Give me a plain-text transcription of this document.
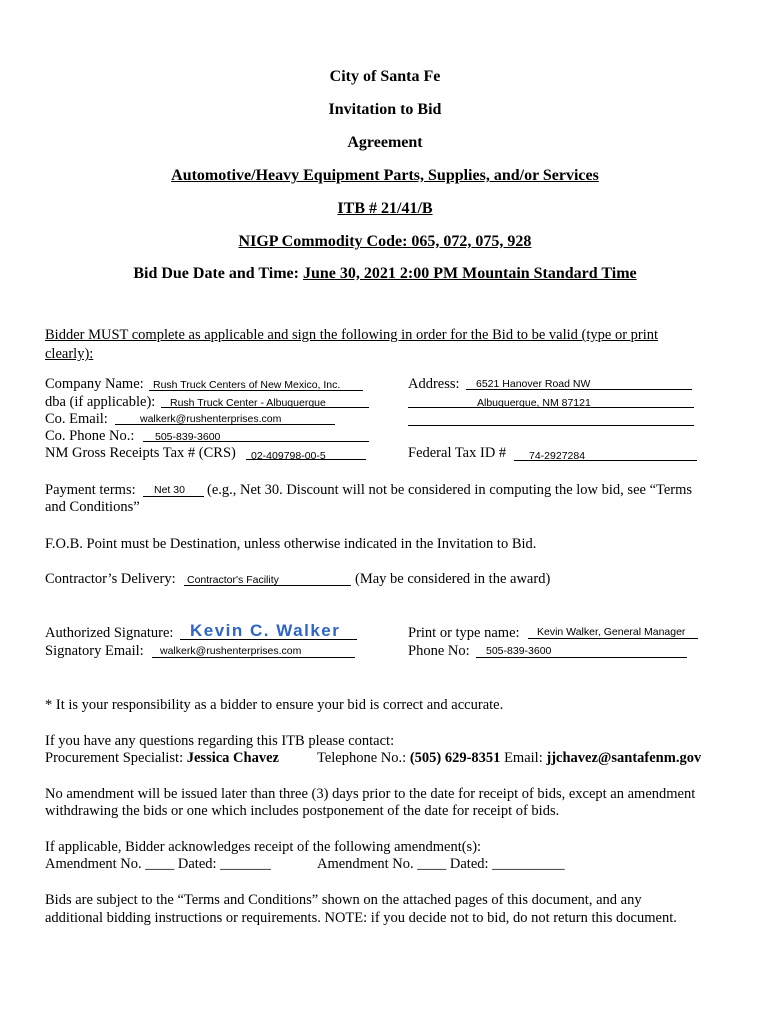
City of Santa Fe
Invitation to Bid
Agreement
Automotive/Heavy Equipment Parts, Supplies, and/or Services
ITB # 21/41/B
NIGP Commodity Code: 065, 072, 075, 928
Bid Due Date and Time: June 30, 2021 2:00 PM Mountain Standard Time
Bidder MUST complete as applicable and sign the following in order for the Bid to be valid (type or print
clearly):
Company Name: Rush Truck Centers of New Mexico, Inc.
dba (if applicable): Rush Truck Center - Albuquerque
Co. Email:	walkerk@rushenterprises.com
Co. Phone No.: 505-839-3600
NM Gross Receipts Tax # (CRS) 02-409798-00-5
Address: 6521 Hanover Road NW
Albuquerque, NM 87121
Federal Tax ID # 74-2927284
Payment terms: Net 30 (e.g., Net 30. Discount will not be considered in computing the low bid, see “Terms
and Conditions”
F.O.B. Point must be Destination, unless otherwise indicated in the Invitation to Bid.
Contractor’s Delivery: Contractor's Facility	(May be considered in the award)
Authorized Signature: Kevin C. Walker
Signatory Email: walkerk@rushenterprises.com
Print or type name: Kevin Walker, General Manager
Phone No: 505-839-3600
* It is your responsibility as a bidder to ensure your bid is correct and accurate.
If you have any questions regarding this ITB please contact:
Procurement Specialist: Jessica Chavez	Telephone No.: (505) 629-8351 Email: jjchavez@santafenm.gov
No amendment will be issued later than three (3) days prior to the date for receipt of bids, except an amendment
withdrawing the bids or one which includes postponement of the date for receipt of bids.
If applicable, Bidder acknowledges receipt of the following amendment(s):
Amendment No. ____ Dated: _______	Amendment No. ____ Dated: __________
Bids are subject to the “Terms and Conditions” shown on the attached pages of this document, and any
additional bidding instructions or requirements. NOTE: if you decide not to bid, do not return this document.
